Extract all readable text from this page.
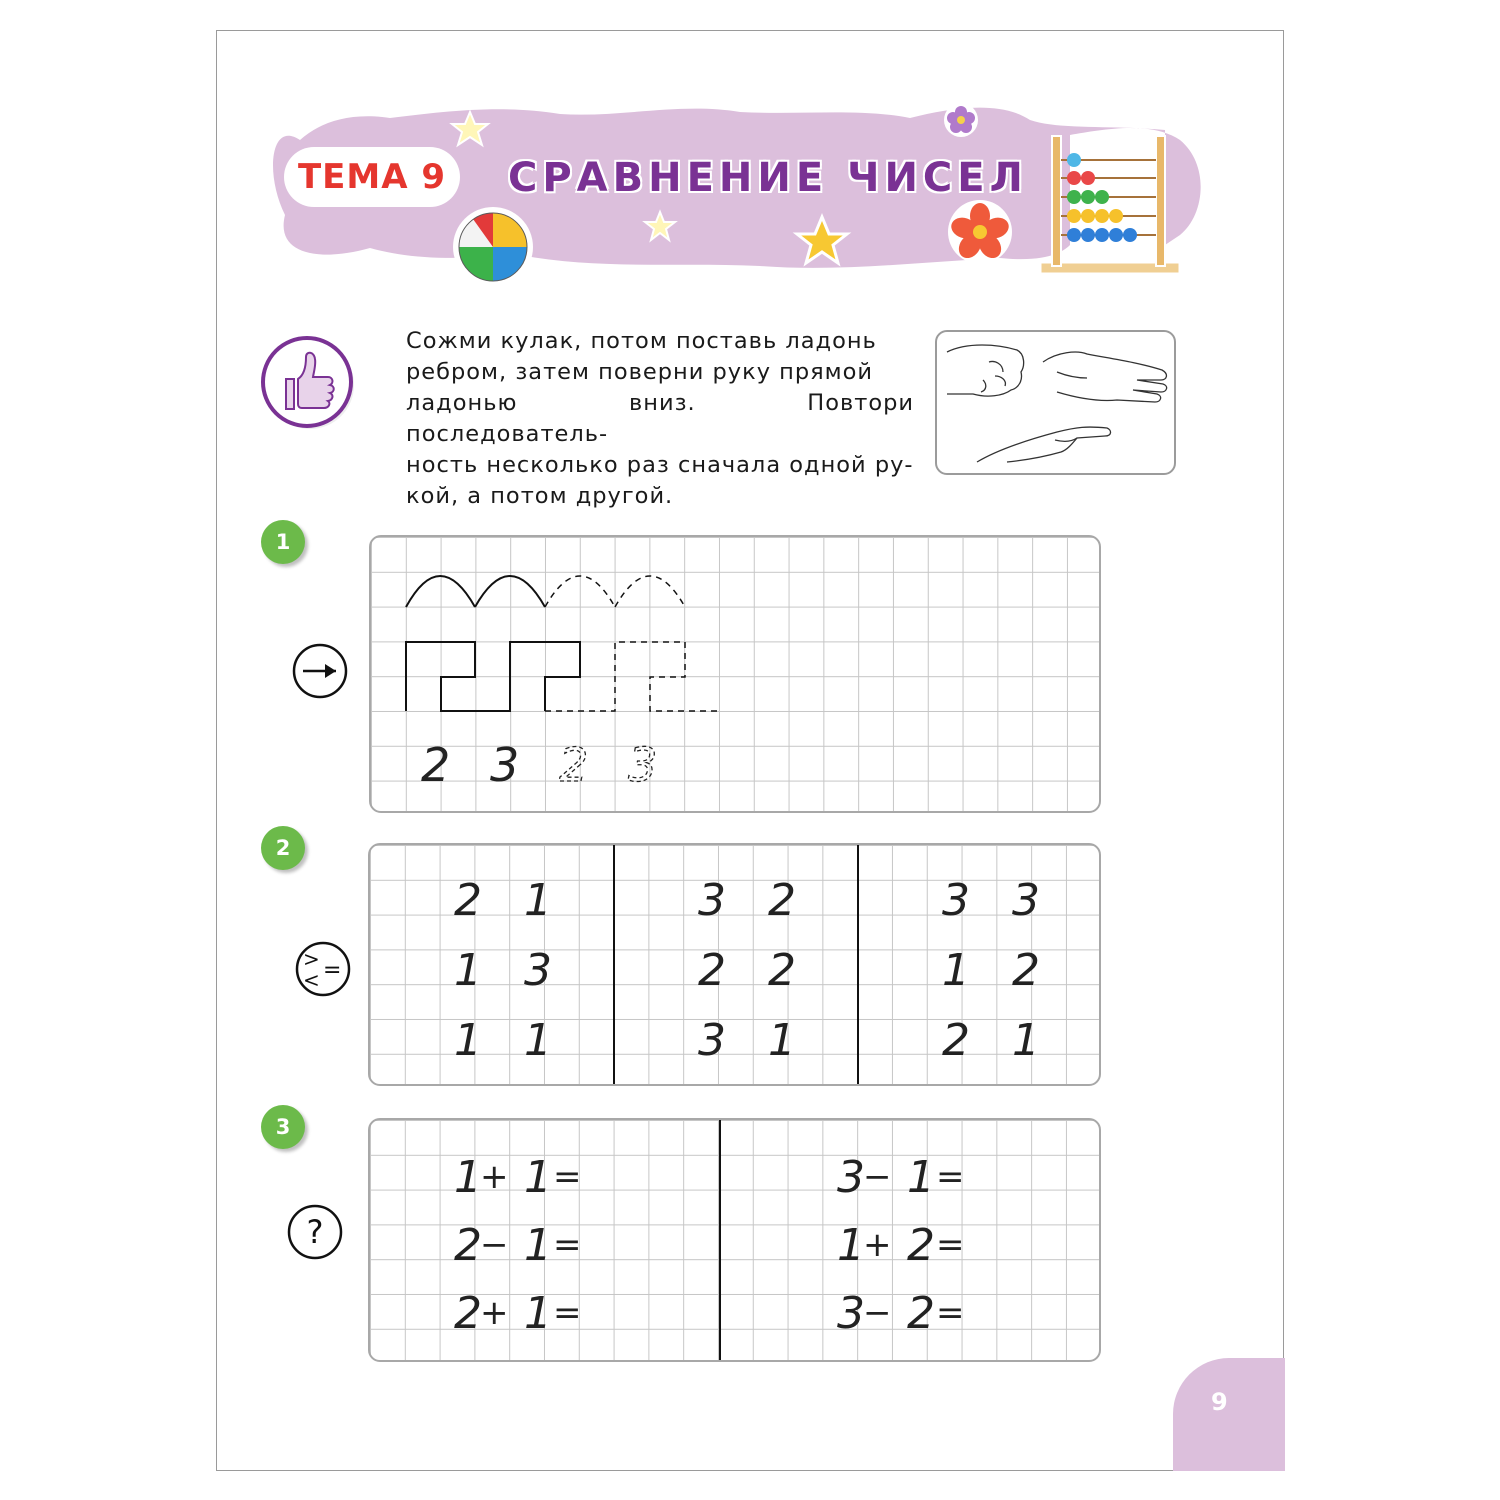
ТЕМА 9	СРАВНЕНИЕ ЧИСЕЛ
Сожми кулак, потом поставь ладонь
ребром, затем поверни руку прямой
ладонью вниз. Повтори последователь-
ность несколько раз сначала одной ру-
кой, а потом другой.
1
2 3 2 3
2
>
< =
2 1
1 3
1 1
3 2
2 2
3 1
3 3
1 2
2 1
3
?
1 1
2 1
2 1
3 1
1 2
3 2
+ =
− =
+ =
− =
+ =
− =
9
